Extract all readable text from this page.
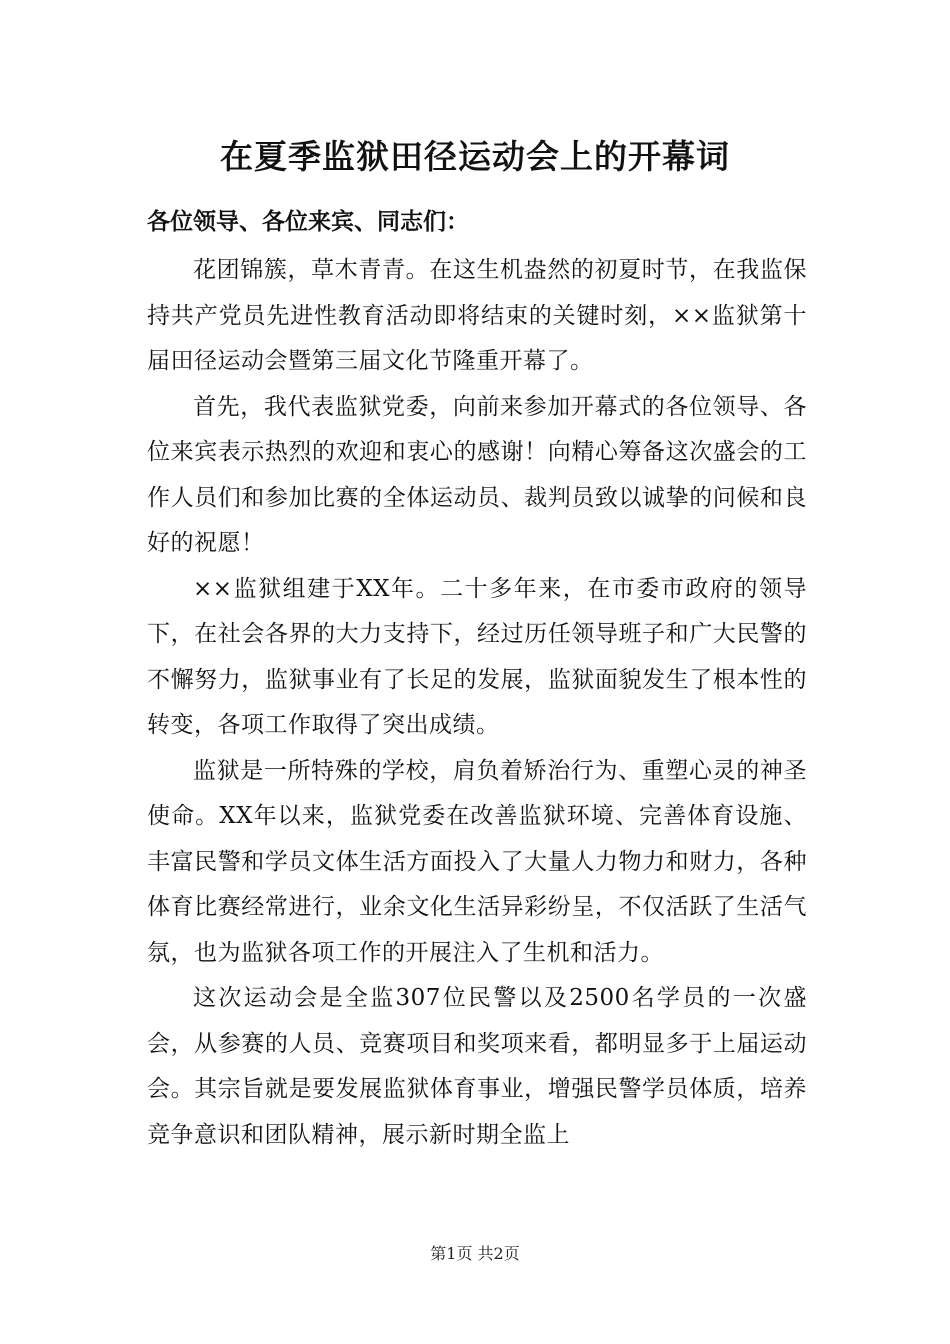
在夏季监狱田径运动会上的开幕词

各位领导、各位来宾、同志们：

花团锦簇，草木青青。在这生机盎然的初夏时节，在我监保持共产党员先进性教育活动即将结束的关键时刻，××监狱第十届田径运动会暨第三届文化节隆重开幕了。

首先，我代表监狱党委，向前来参加开幕式的各位领导、各位来宾表示热烈的欢迎和衷心的感谢！向精心筹备这次盛会的工作人员们和参加比赛的全体运动员、裁判员致以诚挚的问候和良好的祝愿！

××监狱组建于XX年。二十多年来，在市委市政府的领导下，在社会各界的大力支持下，经过历任领导班子和广大民警的不懈努力，监狱事业有了长足的发展，监狱面貌发生了根本性的转变，各项工作取得了突出成绩。

监狱是一所特殊的学校，肩负着矫治行为、重塑心灵的神圣使命。XX年以来，监狱党委在改善监狱环境、完善体育设施、丰富民警和学员文体生活方面投入了大量人力物力和财力，各种体育比赛经常进行，业余文化生活异彩纷呈，不仅活跃了生活气氛，也为监狱各项工作的开展注入了生机和活力。

这次运动会是全监307位民警以及2500名学员的一次盛会，从参赛的人员、竞赛项目和奖项来看，都明显多于上届运动会。其宗旨就是要发展监狱体育事业，增强民警学员体质，培养竞争意识和团队精神，展示新时期全监上

第1页 共2页
